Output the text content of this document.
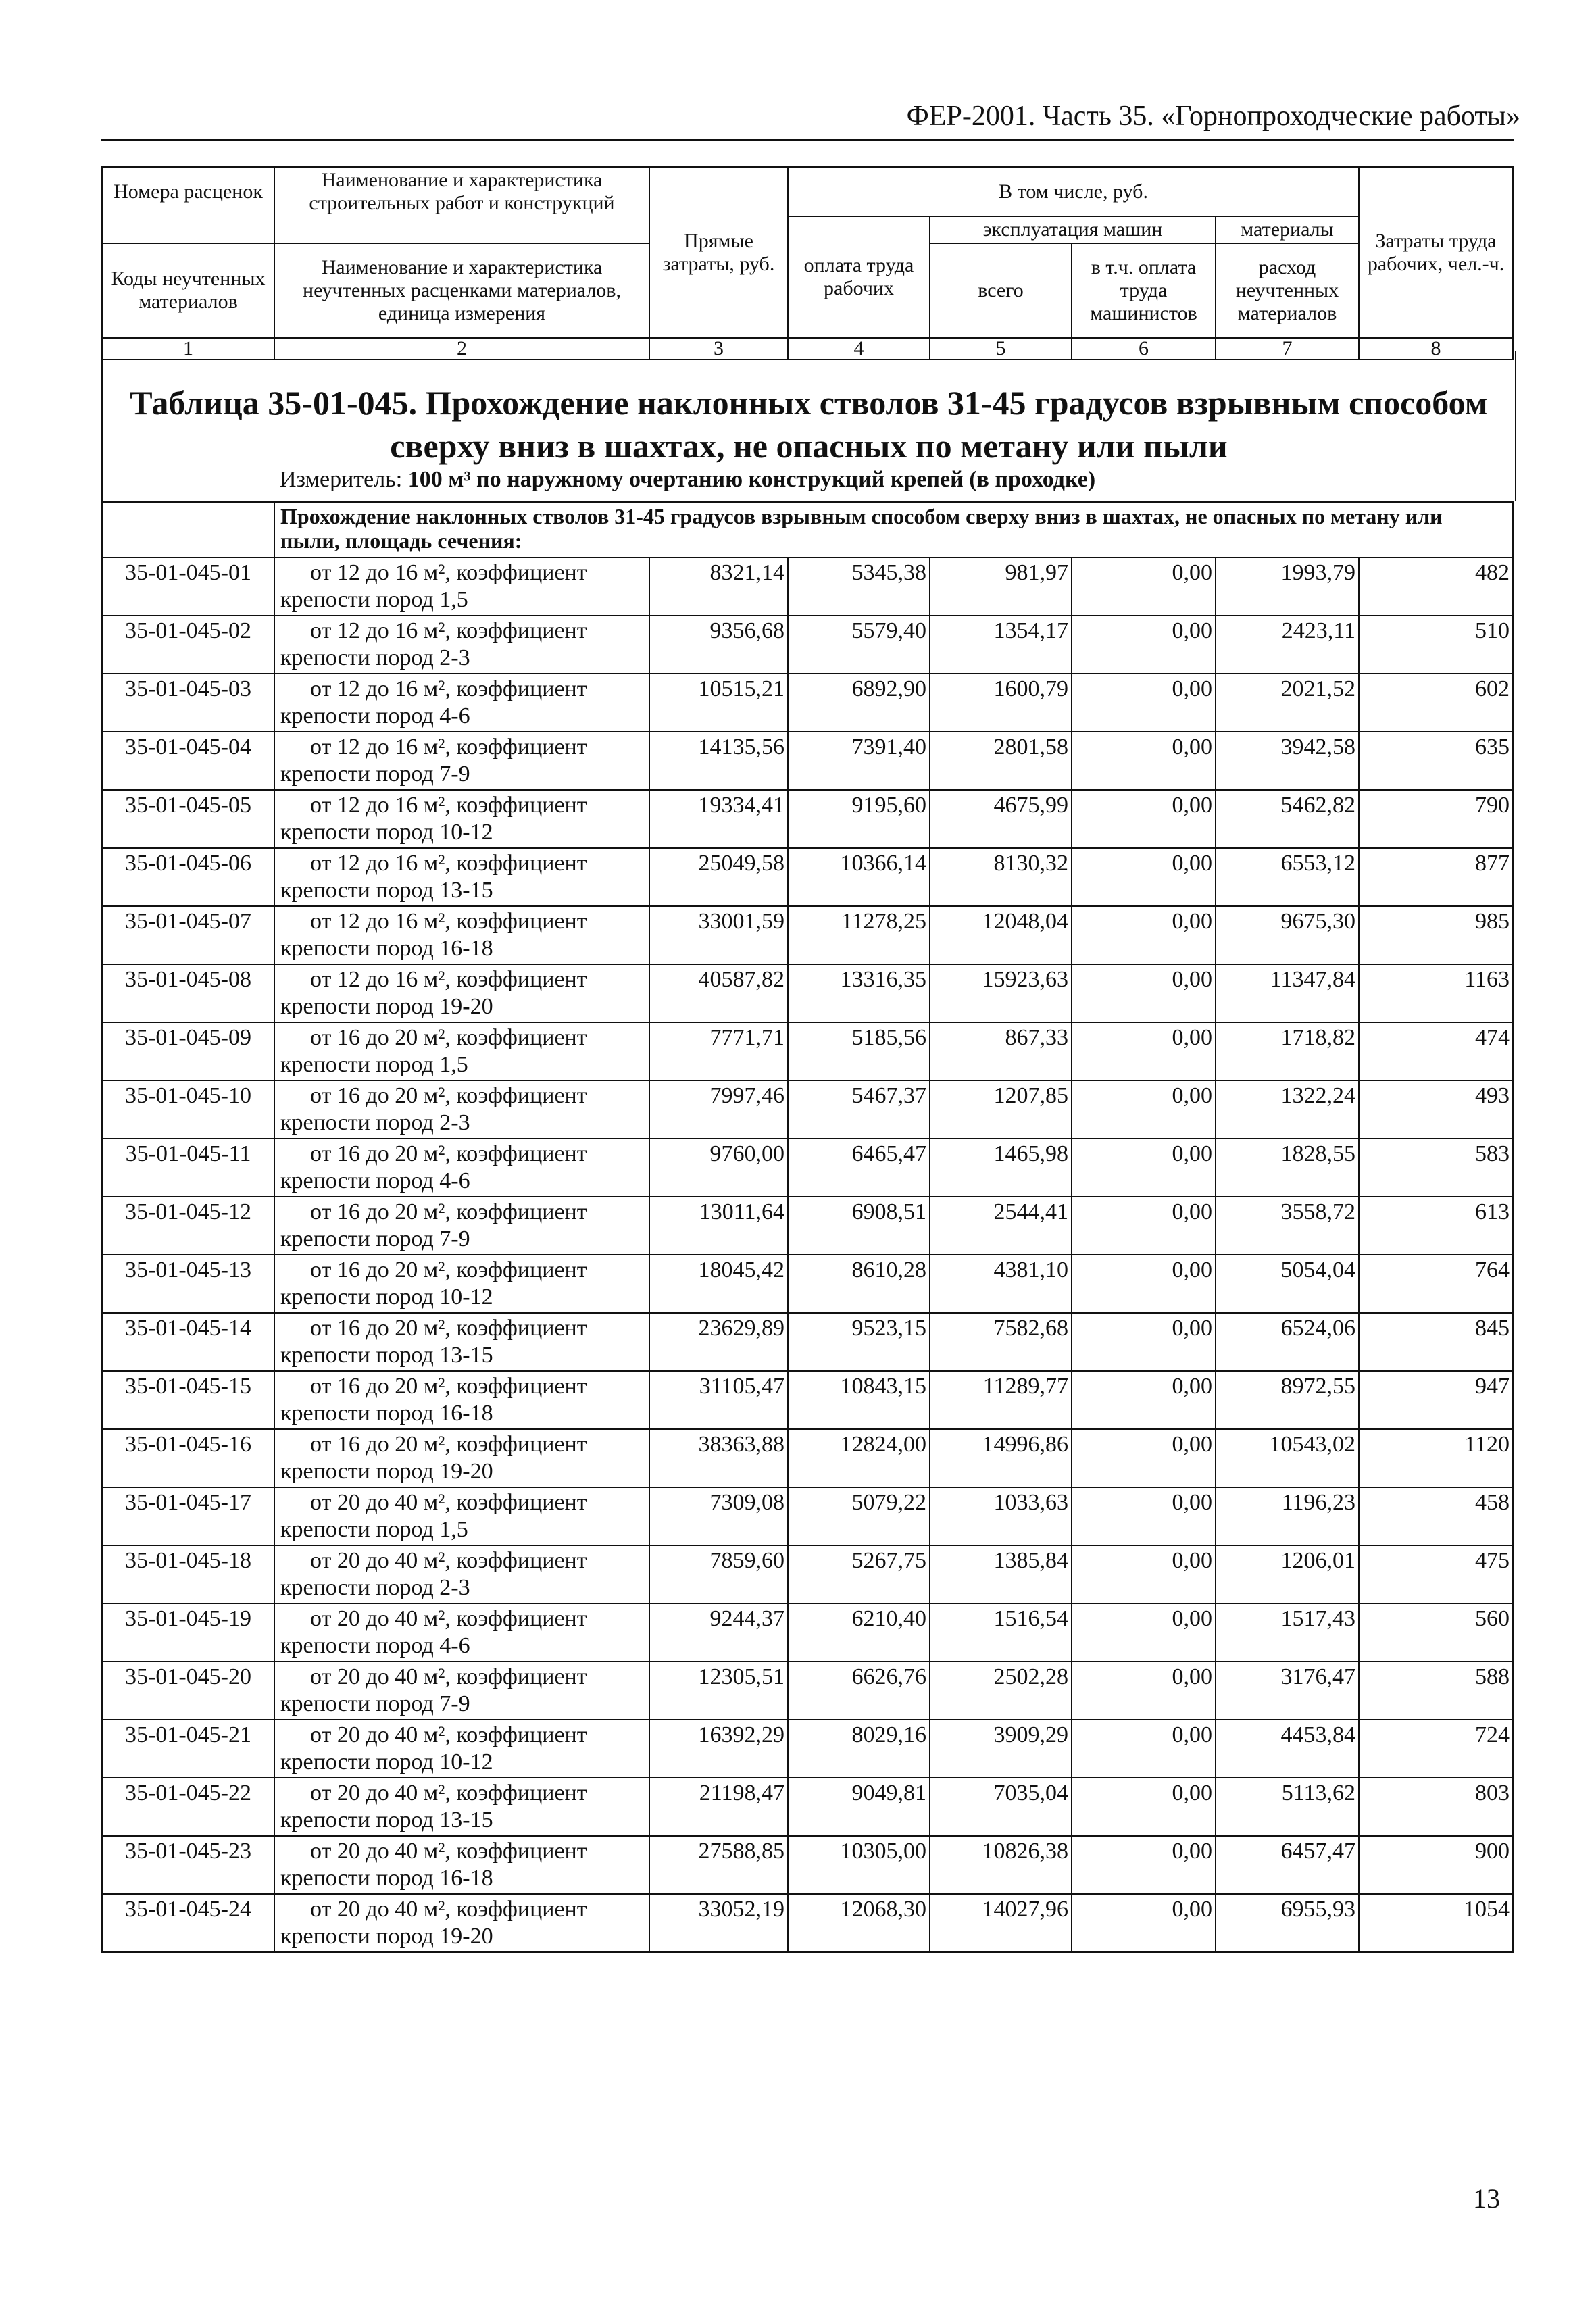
ФЕР-2001. Часть 35. «Горнопроходческие работы»
Номера расценок	Наименование и характеристика строительных работ и конструкций	Прямые затраты, руб.	В том числе, руб.				Затраты труда рабочих, чел.-ч.
			оплата труда рабочих	эксплуатация машин		материалы	
Коды неучтенных материалов	Наименование и характеристика неучтенных расценками материалов, единица измерения			всего	в т.ч. оплата труда машинистов	расход неучтенных материалов	

1	2	3	4	5	6	7	8
Таблица 35-01-045. Прохождение наклонных стволов 31-45 градусов взрывным способом сверху вниз в шахтах, не опасных по метану или пыли
Измеритель: 100 м³ по наружному очертанию конструкций крепей (в проходке)
	Прохождение наклонных стволов 31-45 градусов взрывным способом сверху вниз в шахтах, не опасных по метану или пыли, площадь сечения:						
35-01-045-01	от 12 до 16 м², коэффициент
крепости пород 1,5	8321,14	5345,38	981,97	0,00	1993,79	482
35-01-045-02	от 12 до 16 м², коэффициент
крепости пород 2-3	9356,68	5579,40	1354,17	0,00	2423,11	510
35-01-045-03	от 12 до 16 м², коэффициент
крепости пород 4-6	10515,21	6892,90	1600,79	0,00	2021,52	602
35-01-045-04	от 12 до 16 м², коэффициент
крепости пород 7-9	14135,56	7391,40	2801,58	0,00	3942,58	635
35-01-045-05	от 12 до 16 м², коэффициент
крепости пород 10-12	19334,41	9195,60	4675,99	0,00	5462,82	790
35-01-045-06	от 12 до 16 м², коэффициент
крепости пород 13-15	25049,58	10366,14	8130,32	0,00	6553,12	877
35-01-045-07	от 12 до 16 м², коэффициент
крепости пород 16-18	33001,59	11278,25	12048,04	0,00	9675,30	985
35-01-045-08	от 12 до 16 м², коэффициент
крепости пород 19-20	40587,82	13316,35	15923,63	0,00	11347,84	1163
35-01-045-09	от 16 до 20 м², коэффициент
крепости пород 1,5	7771,71	5185,56	867,33	0,00	1718,82	474
35-01-045-10	от 16 до 20 м², коэффициент
крепости пород 2-3	7997,46	5467,37	1207,85	0,00	1322,24	493
35-01-045-11	от 16 до 20 м², коэффициент
крепости пород 4-6	9760,00	6465,47	1465,98	0,00	1828,55	583
35-01-045-12	от 16 до 20 м², коэффициент
крепости пород 7-9	13011,64	6908,51	2544,41	0,00	3558,72	613
35-01-045-13	от 16 до 20 м², коэффициент
крепости пород 10-12	18045,42	8610,28	4381,10	0,00	5054,04	764
35-01-045-14	от 16 до 20 м², коэффициент
крепости пород 13-15	23629,89	9523,15	7582,68	0,00	6524,06	845
35-01-045-15	от 16 до 20 м², коэффициент
крепости пород 16-18	31105,47	10843,15	11289,77	0,00	8972,55	947
35-01-045-16	от 16 до 20 м², коэффициент
крепости пород 19-20	38363,88	12824,00	14996,86	0,00	10543,02	1120
35-01-045-17	от 20 до 40 м², коэффициент
крепости пород 1,5	7309,08	5079,22	1033,63	0,00	1196,23	458
35-01-045-18	от 20 до 40 м², коэффициент
крепости пород 2-3	7859,60	5267,75	1385,84	0,00	1206,01	475
35-01-045-19	от 20 до 40 м², коэффициент
крепости пород 4-6	9244,37	6210,40	1516,54	0,00	1517,43	560
35-01-045-20	от 20 до 40 м², коэффициент
крепости пород 7-9	12305,51	6626,76	2502,28	0,00	3176,47	588
35-01-045-21	от 20 до 40 м², коэффициент
крепости пород 10-12	16392,29	8029,16	3909,29	0,00	4453,84	724
35-01-045-22	от 20 до 40 м², коэффициент
крепости пород 13-15	21198,47	9049,81	7035,04	0,00	5113,62	803
35-01-045-23	от 20 до 40 м², коэффициент
крепости пород 16-18	27588,85	10305,00	10826,38	0,00	6457,47	900
35-01-045-24	от 20 до 40 м², коэффициент
крепости пород 19-20	33052,19	12068,30	14027,96	0,00	6955,93	1054
13
